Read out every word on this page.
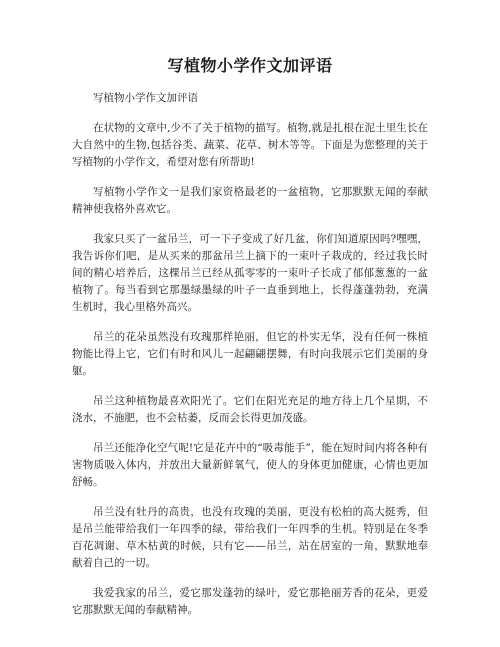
写植物小学作文加评语

写植物小学作文加评语

在状物的文章中,少不了关于植物的描写。植物,就是扎根在泥土里生长在大自然中的生物,包括谷类、蔬菜、花草、树木等等。下面是为您整理的关于写植物的小学作文，希望对您有所帮助!

写植物小学作文一是我们家资格最老的一盆植物，它那默默无闻的奉献精神使我格外喜欢它。

我家只买了一盆吊兰，可一下子变成了好几盆，你们知道原因吗?嘿嘿，我告诉你们吧，是从买来的那盆吊兰上摘下的一束叶子栽成的，经过我长时间的精心培养后，这棵吊兰已经从孤零零的一束叶子长成了郁郁葱葱的一盆植物了。每当看到它那墨绿墨绿的叶子一直垂到地上，长得蓬蓬勃勃，充满生机时，我心里格外高兴。

吊兰的花朵虽然没有玫瑰那样艳丽，但它的朴实无华，没有任何一株植物能比得上它，它们有时和风儿一起翩翩摆舞，有时向我展示它们美丽的身躯。

吊兰这种植物最喜欢阳光了。它们在阳光充足的地方待上几个星期，不浇水，不施肥，也不会枯萎，反而会长得更加茂盛。

吊兰还能净化空气呢!它是花卉中的“吸毒能手”，能在短时间内将各种有害物质吸入体内，并放出大量新鲜氧气，使人的身体更加健康，心情也更加舒畅。

吊兰没有牡丹的高贵，也没有玫瑰的美丽，更没有松柏的高大挺秀，但是吊兰能带给我们一年四季的绿，带给我们一年四季的生机。特别是在冬季百花凋谢、草木枯黄的时候，只有它——吊兰，站在居室的一角，默默地奉献着自己的一切。

我爱我家的吊兰，爱它那发蓬勃的绿叶，爱它那艳丽芳香的花朵，更爱它那默默无闻的奉献精神。
